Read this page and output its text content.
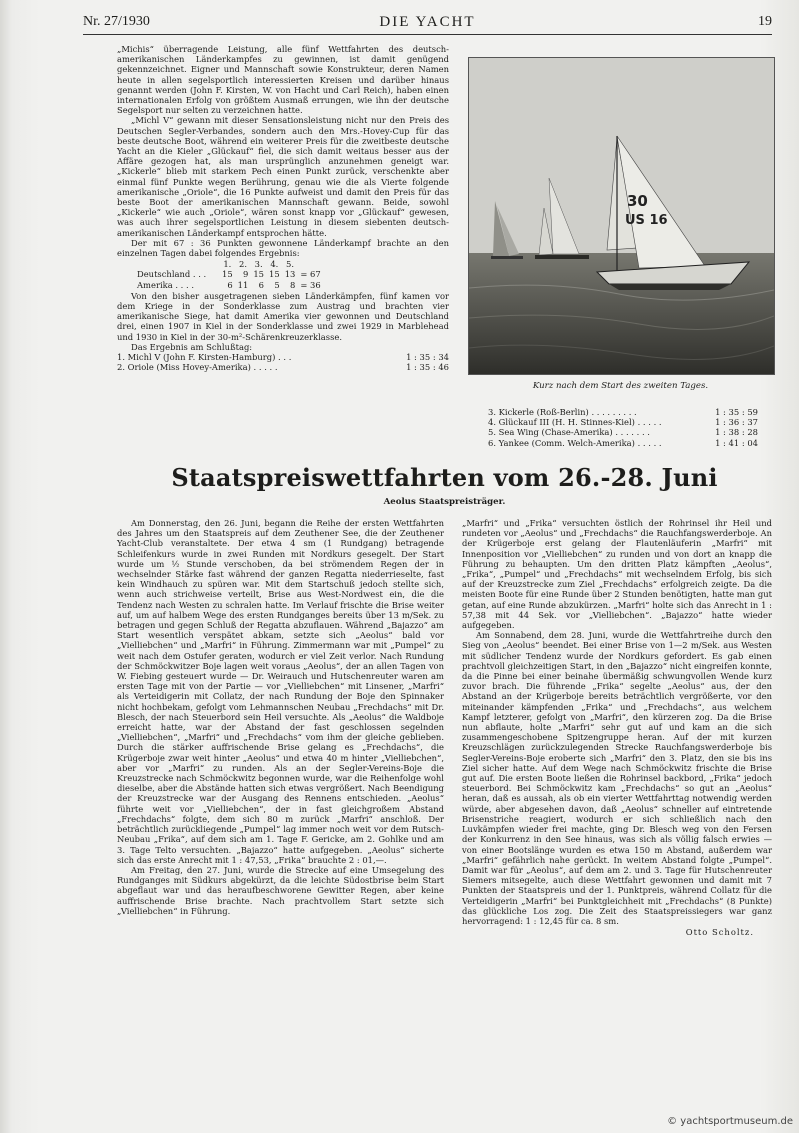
Nr. 27/1930	DIE YACHT	19

„Michis“ überragende Leistung, alle fünf Wettfahrten des deutsch-amerikanischen Länderkampfes zu gewinnen, ist damit genügend gekennzeichnet. Eigner und Mannschaft sowie Konstrukteur, deren Namen heute in allen segelsportlich interessierten Kreisen und darüber hinaus genannt werden (John F. Kirsten, W. von Hacht und Carl Reich), haben einen internationalen Erfolg von größtem Ausmaß errungen, wie ihn der deutsche Segelsport nur selten zu verzeichnen hatte.

„Michl V“ gewann mit dieser Sensationsleistung nicht nur den Preis des Deutschen Segler-Verbandes, sondern auch den Mrs.-Hovey-Cup für das beste deutsche Boot, während ein weiterer Preis für die zweitbeste deutsche Yacht an die Kieler „Glückauf“ fiel, die sich damit weitaus besser aus der Affäre gezogen hat, als man ursprünglich anzunehmen geneigt war. „Kickerle“ blieb mit starkem Pech einen Punkt zurück, verschenkte aber einmal fünf Punkte wegen Berührung, genau wie die als Vierte folgende amerikanische „Oriole“, die 16 Punkte aufweist und damit den Preis für das beste Boot der amerikanischen Mannschaft gewann. Beide, sowohl „Kickerle“ wie auch „Oriole“, wären sonst knapp vor „Glückauf“ gewesen, was auch ihrer segelsportlichen Leistung in diesem siebenten deutsch-amerikanischen Länderkampf entsprochen hätte.

Der mit 67 : 36 Punkten gewonnene Länderkampf brachte an den einzelnen Tagen dabei folgendes Ergebnis:

	1.	2.	3.	4.	5.	
Deutschland . . .	15	9	15	15	13	= 67
Amerika . . . .	6	11	6	5	8	= 36

Von den bisher ausgetragenen sieben Länderkämpfen, fünf kamen vor dem Kriege in der Sonderklasse zum Austrag und brachten vier amerikanische Siege, hat damit Amerika vier gewonnen und Deutschland drei, einen 1907 in Kiel in der Sonderklasse und zwei 1929 in Marblehead und 1930 in Kiel in der 30-m²-Schärenkreuzerklasse.

Das Ergebnis am Schlußtag:

1. Michl V (John F. Kirsten-Hamburg) . . .	1 : 35 : 34
2. Oriole (Miss Hovey-Amerika) . . . . .	1 : 35 : 46
30
US 16
Kurz nach dem Start des zweiten Tages.
3. Kickerle (Roß-Berlin) . . . . . . . . .	1 : 35 : 59
4. Glückauf III (H. H. Stinnes-Kiel) . . . . .	1 : 36 : 37
5. Sea Wing (Chase-Amerika) . . . . . . .	1 : 38 : 28
6. Yankee (Comm. Welch-Amerika) . . . . .	1 : 41 : 04
Staatspreiswettfahrten vom 26.-28. Juni
Aeolus Staatspreisträger.

Am Donnerstag, den 26. Juni, begann die Reihe der ersten Wettfahrten des Jahres um den Staatspreis auf dem Zeuthener See, die der Zeuthener Yacht-Club veranstaltete. Der etwa 4 sm (1 Rundgang) betragende Schleifenkurs wurde in zwei Runden mit Nordkurs gesegelt. Der Start wurde um ½ Stunde verschoben, da bei strömendem Regen der in wechselnder Stärke fast während der ganzen Regatta niederrieselte, fast kein Windhauch zu spüren war. Mit dem Startschuß jedoch stellte sich, wenn auch strichweise verteilt, Brise aus West-Nordwest ein, die die Tendenz nach Westen zu schralen hatte. Im Verlauf frischte die Brise weiter auf, um auf halbem Wege des ersten Rundganges bereits über 13 m/Sek. zu betragen und gegen Schluß der Regatta abzuflauen. Während „Bajazzo“ am Start wesentlich verspätet abkam, setzte sich „Aeolus“ bald vor „Vielliebchen“ und „Marfri“ in Führung. Zimmermann war mit „Pumpel“ zu weit nach dem Ostufer geraten, wodurch er viel Zeit verlor. Nach Rundung der Schmöckwitzer Boje lagen weit voraus „Aeolus“, der an allen Tagen von W. Fiebing gesteuert wurde — Dr. Weirauch und Hutschenreuter waren am ersten Tage mit von der Partie — vor „Vielliebchen“ mit Linsener, „Marfri“ als Verteidigerin mit Collatz, der nach Rundung der Boje den Spinnaker nicht hochbekam, gefolgt vom Lehmannschen Neubau „Frechdachs“ mit Dr. Blesch, der nach Steuerbord sein Heil versuchte. Als „Aeolus“ die Waldboje erreicht hatte, war der Abstand der fast geschlossen segelnden „Vielliebchen“, „Marfri“ und „Frechdachs“ vom ihm der gleiche geblieben. Durch die stärker auffrischende Brise gelang es „Frechdachs“, die Krügerboje zwar weit hinter „Aeolus“ und etwa 40 m hinter „Vielliebchen“, aber vor „Marfri“ zu runden. Als an der Segler-Vereins-Boje die Kreuzstrecke nach Schmöckwitz begonnen wurde, war die Reihenfolge wohl dieselbe, aber die Abstände hatten sich etwas vergrößert. Nach Beendigung der Kreuzstrecke war der Ausgang des Rennens entschieden. „Aeolus“ führte weit vor „Vielliebchen“, der in fast gleichgroßem Abstand „Frechdachs“ folgte, dem sich 80 m zurück „Marfri“ anschloß. Der beträchtlich zurückliegende „Pumpel“ lag immer noch weit vor dem Rutsch-Neubau „Frika“, auf dem sich am 1. Tage F. Gericke, am 2. Gohlke und am 3. Tage Telto versuchten. „Bajazzo“ hatte aufgegeben. „Aeolus“ sicherte sich das erste Anrecht mit 1 : 47,53, „Frika“ brauchte 2 : 01,—.

Am Freitag, den 27. Juni, wurde die Strecke auf eine Umsegelung des Rundganges mit Südkurs abgekürzt, da die leichte Südostbrise beim Start abgeflaut war und das heraufbeschworene Gewitter Regen, aber keine auffrischende Brise brachte. Nach prachtvollem Start setzte sich „Vielliebchen“ in Führung.

„Marfri“ und „Frika“ versuchten östlich der Rohrinsel ihr Heil und rundeten vor „Aeolus“ und „Frechdachs“ die Rauchfangswerderboje. An der Krügerboje erst gelang der Flautenläuferin „Marfri“ mit Innenposition vor „Vielliebchen“ zu runden und von dort an knapp die Führung zu behaupten. Um den dritten Platz kämpften „Aeolus“, „Frika“, „Pumpel“ und „Frechdachs“ mit wechselndem Erfolg, bis sich auf der Kreuzstrecke zum Ziel „Frechdachs“ erfolgreich zeigte. Da die meisten Boote für eine Runde über 2 Stunden benötigten, hatte man gut getan, auf eine Runde abzukürzen. „Marfri“ holte sich das Anrecht in 1 : 57,38 mit 44 Sek. vor „Vielliebchen“. „Bajazzo“ hatte wieder aufgegeben.

Am Sonnabend, dem 28. Juni, wurde die Wettfahrtreihe durch den Sieg von „Aeolus“ beendet. Bei einer Brise von 1—2 m/Sek. aus Westen mit südlicher Tendenz wurde der Nordkurs gefordert. Es gab einen prachtvoll gleichzeitigen Start, in den „Bajazzo“ nicht eingreifen konnte, da die Pinne bei einer beinahe übermäßig schwungvollen Wende kurz zuvor brach. Die führende „Frika“ segelte „Aeolus“ aus, der den Abstand an der Krügerboje bereits beträchtlich vergrößerte, vor den miteinander kämpfenden „Frika“ und „Frechdachs“, aus welchem Kampf letzterer, gefolgt von „Marfri“, den kürzeren zog. Da die Brise nun abflaute, holte „Marfri“ sehr gut auf und kam an die sich zusammengeschobene Spitzengruppe heran. Auf der mit kurzen Kreuzschlägen zurückzulegenden Strecke Rauchfangswerderboje bis Segler-Vereins-Boje eroberte sich „Marfri“ den 3. Platz, den sie bis ins Ziel sicher hatte. Auf dem Wege nach Schmöckwitz frischte die Brise gut auf. Die ersten Boote ließen die Rohrinsel backbord, „Frika“ jedoch steuerbord. Bei Schmöckwitz kam „Frechdachs“ so gut an „Aeolus“ heran, daß es aussah, als ob ein vierter Wettfahrttag notwendig werden würde, aber abgesehen davon, daß „Aeolus“ schneller auf eintretende Brisenstriche reagiert, wodurch er sich schließlich nach den Luvkämpfen wieder frei machte, ging Dr. Blesch weg von den Fersen der Konkurrenz in den See hinaus, was sich als völlig falsch erwies — von einer Bootslänge wurden es etwa 150 m Abstand, außerdem war „Marfri“ gefährlich nahe gerückt. In weitem Abstand folgte „Pumpel“. Damit war für „Aeolus“, auf dem am 2. und 3. Tage für Hutschenreuter Siemers mitsegelte, auch diese Wettfahrt gewonnen und damit mit 7 Punkten der Staatspreis und der 1. Punktpreis, während Collatz für die Verteidigerin „Marfri“ bei Punktgleichheit mit „Frechdachs“ (8 Punkte) das glückliche Los zog. Die Zeit des Staatspreissiegers war ganz hervorragend: 1 : 12,45 für ca. 8 sm.

Otto Scholtz.
© yachtsportmuseum.de
